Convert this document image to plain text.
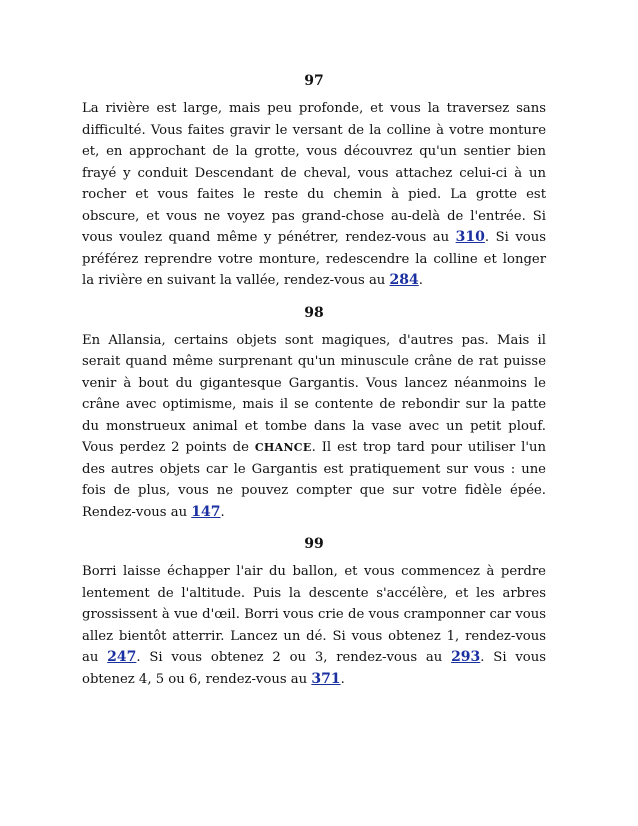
97

La rivière est large, mais peu profonde, et vous la traversez sans difficulté. Vous faites gravir le versant de la colline à votre monture et, en approchant de la grotte, vous découvrez qu'un sentier bien frayé y conduit Descendant de cheval, vous attachez celui-ci à un rocher et vous faites le reste du chemin à pied. La grotte est obscure, et vous ne voyez pas grand-chose au-delà de l'entrée. Si vous voulez quand même y pénétrer, rendez-vous au 310. Si vous préférez reprendre votre monture, redescendre la colline et longer la rivière en suivant la vallée, rendez-vous au 284.

98

En Allansia, certains objets sont magiques, d'autres pas. Mais il serait quand même surprenant qu'un minuscule crâne de rat puisse venir à bout du gigantesque Gargantis. Vous lancez néanmoins le crâne avec optimisme, mais il se contente de rebondir sur la patte du monstrueux animal et tombe dans la vase avec un petit plouf. Vous perdez 2 points de CHANCE. Il est trop tard pour utiliser l'un des autres objets car le Gargantis est pratiquement sur vous : une fois de plus, vous ne pouvez compter que sur votre fidèle épée. Rendez-vous au 147.

99

Borri laisse échapper l'air du ballon, et vous commencez à perdre lentement de l'altitude. Puis la descente s'accélère, et les arbres grossissent à vue d'œil. Borri vous crie de vous cramponner car vous allez bientôt atterrir. Lancez un dé. Si vous obtenez 1, rendez-vous au 247. Si vous obtenez 2 ou 3, rendez-vous au 293. Si vous obtenez 4, 5 ou 6, rendez-vous au 371.
